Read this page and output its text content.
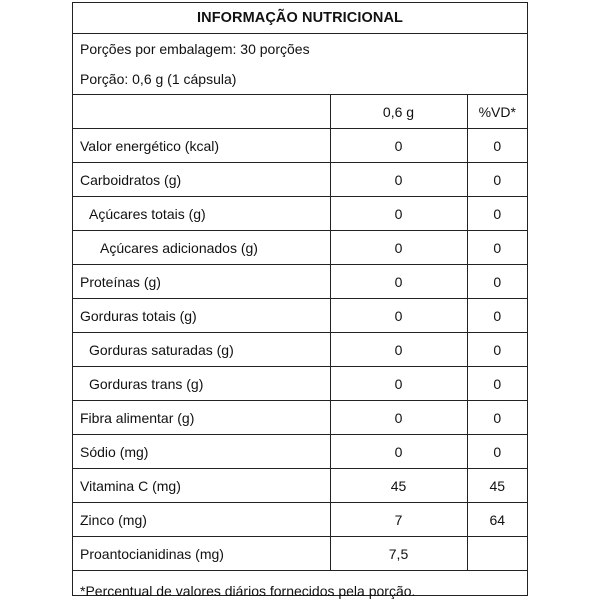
INFORMAÇÃO NUTRICIONAL
Porções por embalagem: 30 porções
Porção: 0,6 g (1 cápsula)
	0,6 g	%VD*
Valor energético (kcal)	0	0
Carboidratos (g)	0	0
Açúcares totais (g)	0	0
Açúcares adicionados (g)	0	0
Proteínas (g)	0	0
Gorduras totais (g)	0	0
Gorduras saturadas (g)	0	0
Gorduras trans (g)	0	0
Fibra alimentar (g)	0	0
Sódio (mg)	0	0
Vitamina C (mg)	45	45
Zinco (mg)	7	64
Proantocianidinas (mg)	7,5	
*Percentual de valores diários fornecidos pela porção.
